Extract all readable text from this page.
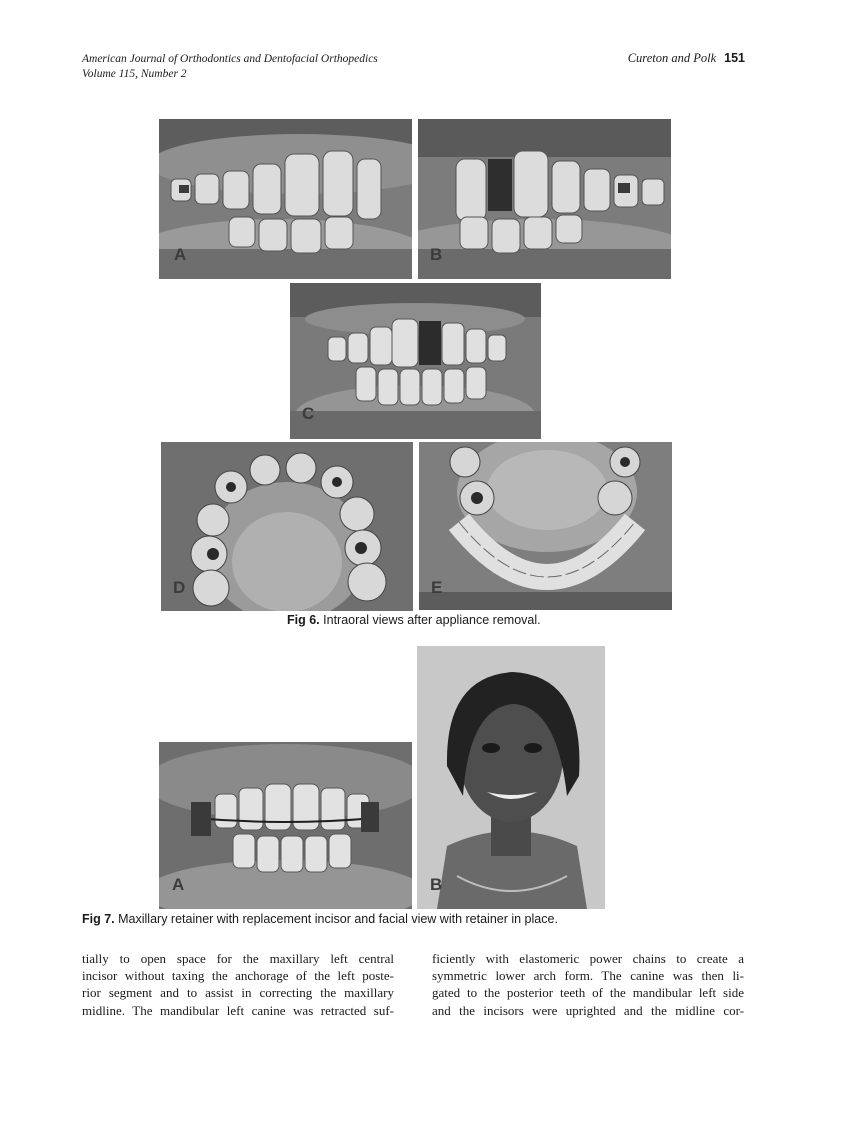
American Journal of Orthodontics and Dentofacial Orthopedics
Volume 115, Number 2
Cureton and Polk 151
A	B
C
D	E
Fig 6. Intraoral views after appliance removal.
A	B
Fig 7. Maxillary retainer with replacement incisor and facial view with retainer in place.
tially to open space for the maxillary left central
incisor without taxing the anchorage of the left poste-
rior segment and to assist in correcting the maxillary
midline. The mandibular left canine was retracted suf-
ficiently with elastomeric power chains to create a
symmetric lower arch form. The canine was then li-
gated to the posterior teeth of the mandibular left side
and the incisors were uprighted and the midline cor-
